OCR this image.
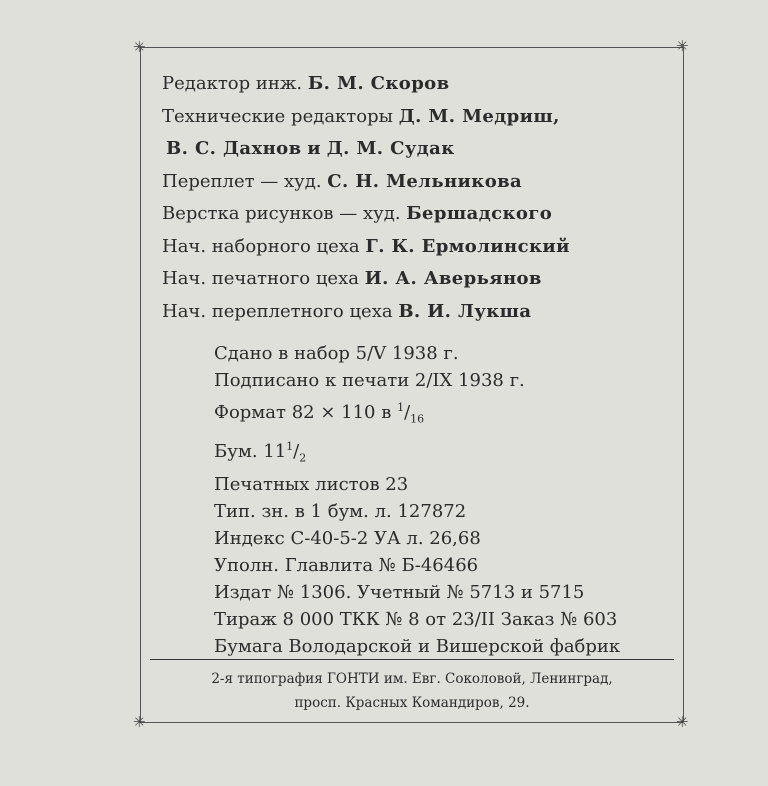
✳	✳
✳	✳
Редактор инж. Б. М. Скоров
Технические редакторы Д. М. Медриш,
В. С. Дахнов и Д. М. Судак
Переплет — худ. С. Н. Мельникова
Верстка рисунков — худ. Бершадского
Нач. наборного цеха Г. К. Ермолинский
Нач. печатного цеха И. А. Аверьянов
Нач. переплетного цеха В. И. Лукша
Сдано в набор 5/V 1938 г.
Подписано к печати 2/IX 1938 г.
Формат 82 × 110 в $^1/_{16}$
Бум. $11^1/_2$
Печатных листов 23
Тип. зн. в 1 бум. л. 127872
Индекс С-40-5-2 УА л. 26,68
Уполн. Главлита № Б-46466
Издат № 1306. Учетный № 5713 и 5715
Тираж 8 000 ТКК № 8 от 23/II Заказ № 603
Бумага Володарской и Вишерской фабрик
2-я типография ГОНТИ им. Евг. Соколовой, Ленинград,
просп. Красных Командиров, 29.
